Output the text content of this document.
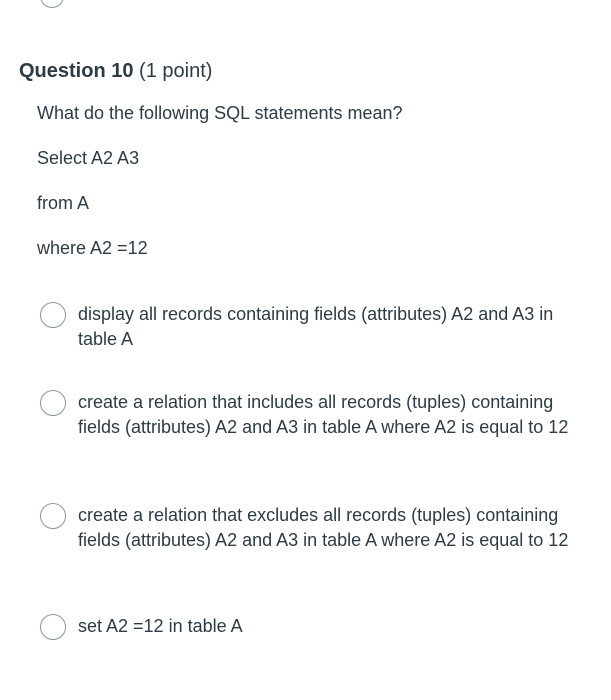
Question 10 (1 point)
What do the following SQL statements mean?
Select A2 A3
from A
where A2 =12
display all records containing fields (attributes) A2 and A3 in table A
create a relation that includes all records (tuples) containing fields (attributes) A2 and A3 in table A where A2 is equal to 12
create a relation that excludes all records (tuples) containing fields (attributes) A2 and A3 in table A where A2 is equal to 12
set A2 =12 in table A
